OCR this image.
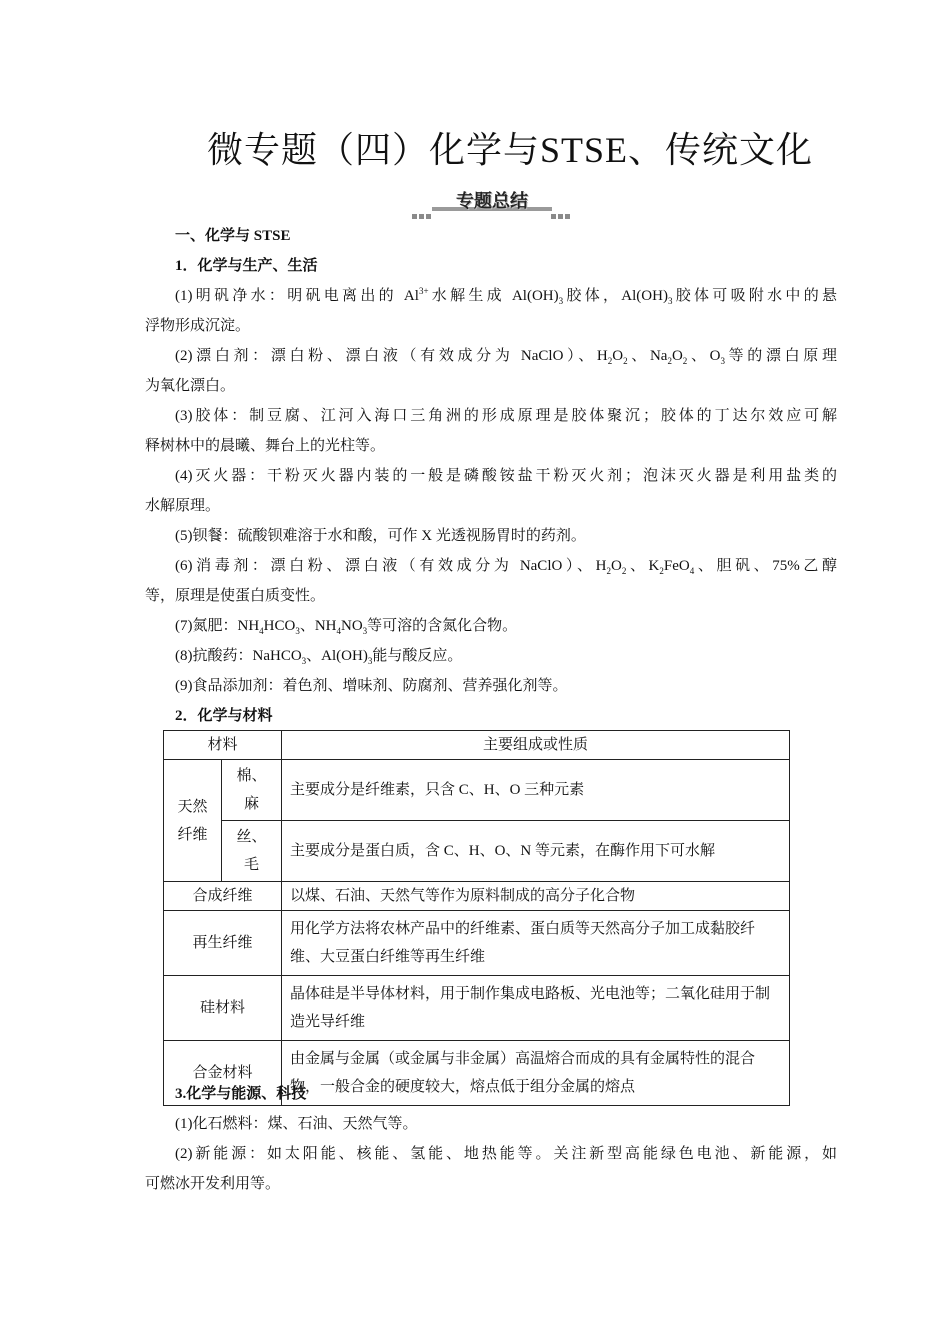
微专题（四）化学与STSE、传统文化
专题总结
一、化学与 STSE
1．化学与生产、生活
(1)明矾净水：明矾电离出的 $Al^{3+}$水解生成 $Al(OH)_3$胶体，$Al(OH)_3$胶体可吸附水中的悬
浮物形成沉淀。
(2)漂白剂：漂白粉、漂白液（有效成分为 NaClO）、$H_2O_2$、$Na_2O_2$、$O_3$等的漂白原理
为氧化漂白。
(3)胶体：制豆腐、江河入海口三角洲的形成原理是胶体聚沉；胶体的丁达尔效应可解
释树林中的晨曦、舞台上的光柱等。
(4)灭火器：干粉灭火器内装的一般是磷酸铵盐干粉灭火剂；泡沫灭火器是利用盐类的
水解原理。
(5)钡餐：硫酸钡难溶于水和酸，可作 X 光透视肠胃时的药剂。
(6)消毒剂：漂白粉、漂白液（有效成分为 NaClO）、$H_2O_2$、$K_2FeO_4$、胆矾、75%乙醇
等，原理是使蛋白质变性。
(7)氮肥：$NH_4HCO_3$、$NH_4NO_3$等可溶的含氮化合物。
(8)抗酸药：NaHCO$_3$、$Al(OH)_3$能与酸反应。
(9)食品添加剂：着色剂、增味剂、防腐剂、营养强化剂等。
2．化学与材料
材料		主要组成或性质
天然纤维	棉、麻	主要成分是纤维素，只含 C、H、O 三种元素
	丝、毛	主要成分是蛋白质，含 C、H、O、N 等元素，在酶作用下可水解
合成纤维		以煤、石油、天然气等作为原料制成的高分子化合物
再生纤维		用化学方法将农林产品中的纤维素、蛋白质等天然高分子加工成黏胶纤维、大豆蛋白纤维等再生纤维
硅材料		晶体硅是半导体材料，用于制作集成电路板、光电池等；二氧化硅用于制造光导纤维
合金材料		由金属与金属（或金属与非金属）高温熔合而成的具有金属特性的混合物，一般合金的硬度较大，熔点低于组分金属的熔点
3.化学与能源、科技
(1)化石燃料：煤、石油、天然气等。
(2)新能源：如太阳能、核能、氢能、地热能等。关注新型高能绿色电池、新能源，如
可燃冰开发利用等。
